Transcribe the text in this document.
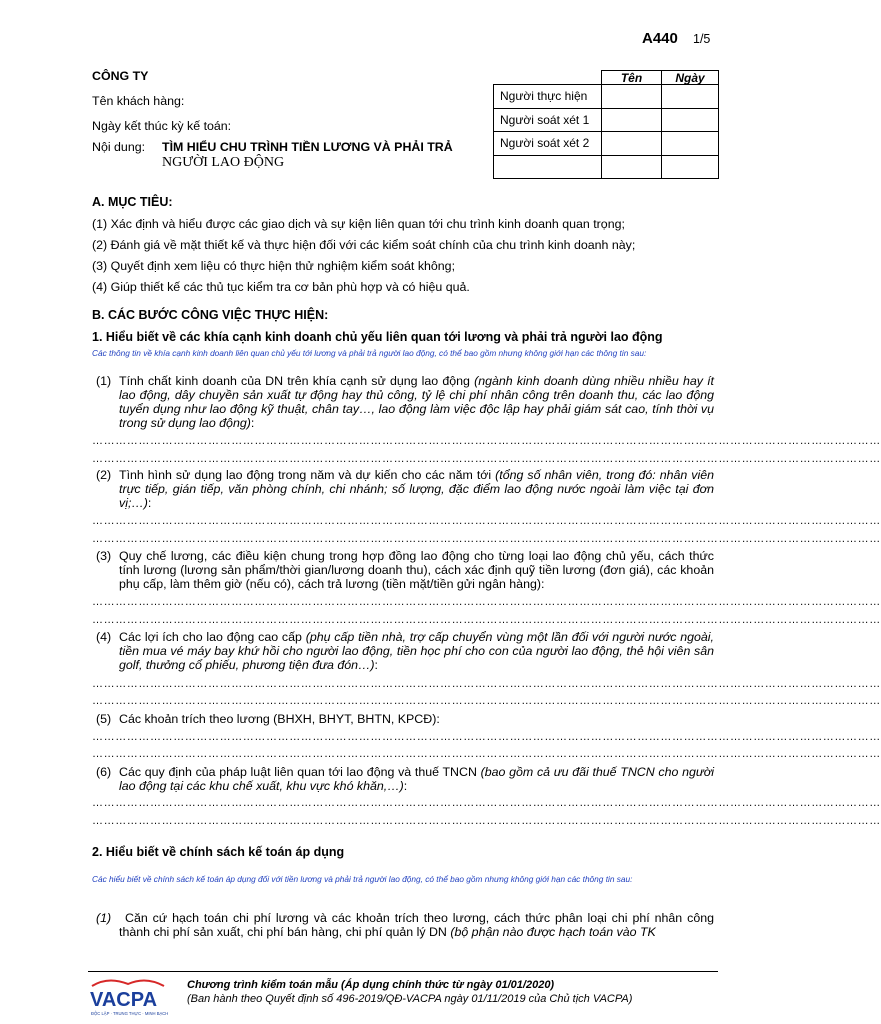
A440 1/5
CÔNG TY
Tên khách hàng:
Ngày kết thúc kỳ kế toán:
Nội dung: TÌM HIỂU CHU TRÌNH TIỀN LƯƠNG VÀ PHẢI TRẢ
NGƯỜI LAO ĐỘNG
	Tên	Ngày
Người thực hiện		
Người soát xét 1		
Người soát xét 2		

A. MỤC TIÊU:
(1) Xác định và hiểu được các giao dịch và sự kiện liên quan tới chu trình kinh doanh quan trọng;
(2) Đánh giá về mặt thiết kế và thực hiện đối với các kiểm soát chính của chu trình kinh doanh này;
(3) Quyết định xem liệu có thực hiện thử nghiệm kiểm soát không;
(4) Giúp thiết kế các thủ tục kiểm tra cơ bản phù hợp và có hiệu quả.
B. CÁC BƯỚC CÔNG VIỆC THỰC HIỆN:
1. Hiểu biết về các khía cạnh kinh doanh chủ yếu liên quan tới lương và phải trả người lao động
Các thông tin về khía cạnh kinh doanh liên quan chủ yếu tới lương và phải trả người lao động, có thể bao gồm nhưng không giới hạn các thông tin sau:
(1) Tính chất kinh doanh của DN trên khía cạnh sử dụng lao động (ngành kinh doanh dùng nhiều nhiều hay ít lao động, dây chuyền sản xuất tự động hay thủ công, tỷ lệ chi phí nhân công trên doanh thu, các lao động tuyển dụng như lao động kỹ thuật, chân tay…, lao động làm việc độc lập hay phải giám sát cao, tính thời vụ trong sử dụng lao động):
……………………………………………………………………………………………………………………………………………………………………………………
……………………………………………………………………………………………………………………………………………………………………………………
(2) Tình hình sử dụng lao động trong năm và dự kiến cho các năm tới (tổng số nhân viên, trong đó: nhân viên trực tiếp, gián tiếp, văn phòng chính, chi nhánh; số lượng, đặc điểm lao động nước ngoài làm việc tại đơn vị;…):
……………………………………………………………………………………………………………………………………………………………………………………
……………………………………………………………………………………………………………………………………………………………………………………
(3) Quy chế lương, các điều kiện chung trong hợp đồng lao động cho từng loại lao động chủ yếu, cách thức tính lương (lương sản phẩm/thời gian/lương doanh thu), cách xác định quỹ tiền lương (đơn giá), các khoản phụ cấp, làm thêm giờ (nếu có), cách trả lương (tiền mặt/tiền gửi ngân hàng):
……………………………………………………………………………………………………………………………………………………………………………………
……………………………………………………………………………………………………………………………………………………………………………………
(4) Các lợi ích cho lao động cao cấp (phụ cấp tiền nhà, trợ cấp chuyển vùng một lần đối với người nước ngoài, tiền mua vé máy bay khứ hồi cho người lao động, tiền học phí cho con của người lao động, thẻ hội viên sân golf, thưởng cổ phiếu, phương tiện đưa đón…):
……………………………………………………………………………………………………………………………………………………………………………………
……………………………………………………………………………………………………………………………………………………………………………………
(5) Các khoản trích theo lương (BHXH, BHYT, BHTN, KPCĐ):
……………………………………………………………………………………………………………………………………………………………………………………
……………………………………………………………………………………………………………………………………………………………………………………
(6) Các quy định của pháp luật liên quan tới lao động và thuế TNCN (bao gồm cả ưu đãi thuế TNCN cho người lao động tại các khu chế xuất, khu vực khó khăn,…):
……………………………………………………………………………………………………………………………………………………………………………………
……………………………………………………………………………………………………………………………………………………………………………………
2. Hiểu biết về chính sách kế toán áp dụng
Các hiểu biết về chính sách kế toán áp dụng đối với tiền lương và phải trả người lao động, có thể bao gồm nhưng không giới hạn các thông tin sau:
(1)	Căn cứ hạch toán chi phí lương và các khoản trích theo lương, cách thức phân loại chi phí nhân công thành chi phí sản xuất, chi phí bán hàng, chi phí quản lý DN (bộ phận nào được hạch toán vào TK
VACPA
ĐỘC LẬP · TRUNG THỰC · MINH BẠCH
Chương trình kiểm toán mẫu (Áp dụng chính thức từ ngày 01/01/2020)
(Ban hành theo Quyết định số 496-2019/QĐ-VACPA ngày 01/11/2019 của Chủ tịch VACPA)
